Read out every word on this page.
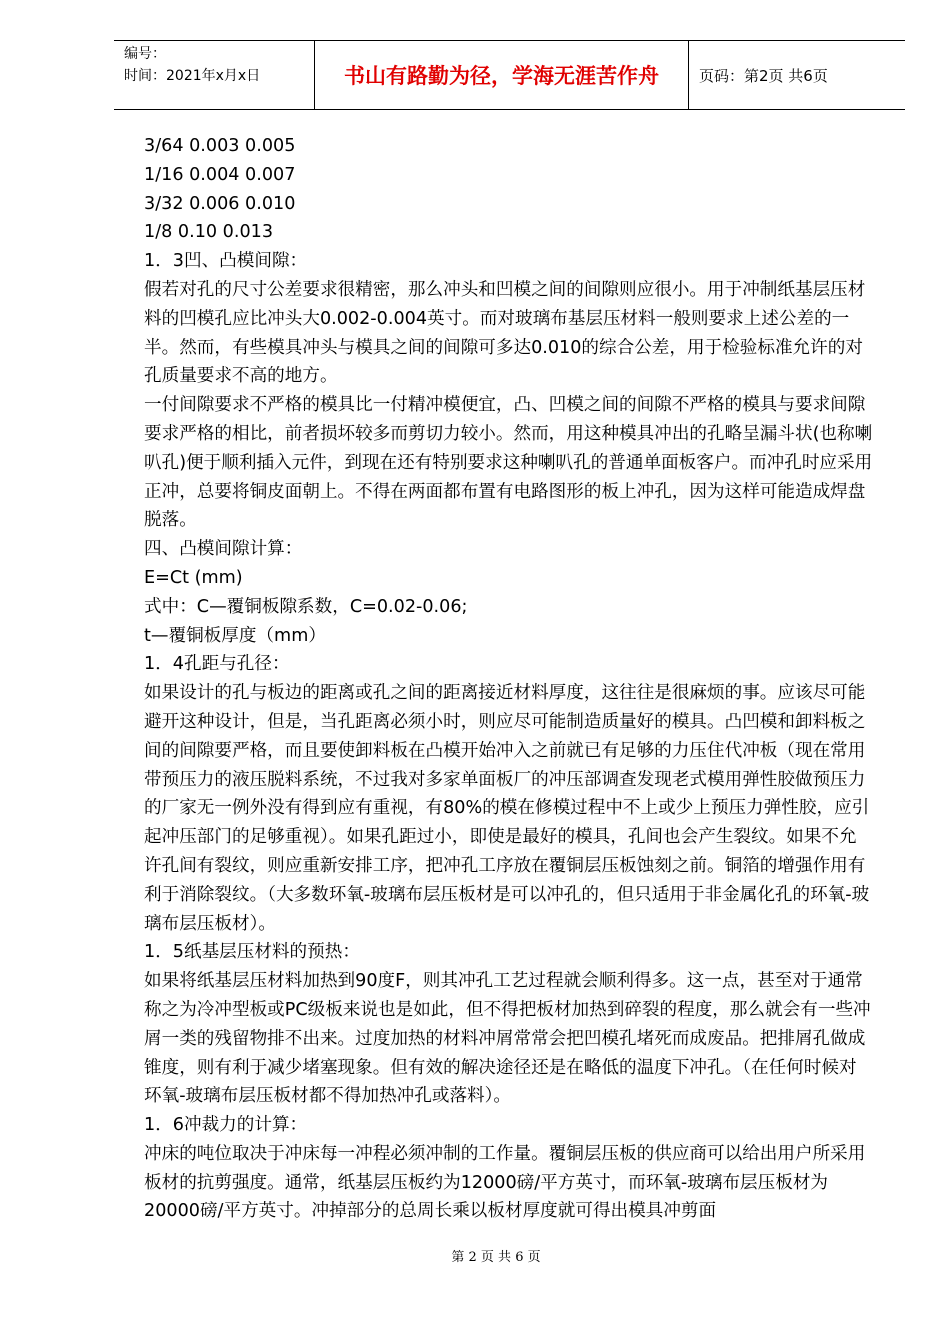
编号：
时间：2021年x月x日	书山有路勤为径，学海无涯苦作舟	页码：第2页 共6页

3/64 0.003 0.005

1/16 0.004 0.007

3/32 0.006 0.010

1/8 0.10 0.013

1．3凹、凸模间隙：

假若对孔的尺寸公差要求很精密，那么冲头和凹模之间的间隙则应很小。用于冲制纸基层压材料的凹模孔应比冲头大0.002-0.004英寸。而对玻璃布基层压材料一般则要求上述公差的一半。然而，有些模具冲头与模具之间的间隙可多达0.010的综合公差，用于检验标准允许的对孔质量要求不高的地方。

一付间隙要求不严格的模具比一付精冲模便宜，凸、凹模之间的间隙不严格的模具与要求间隙要求严格的相比，前者损坏较多而剪切力较小。然而，用这种模具冲出的孔略呈漏斗状(也称喇叭孔)便于顺利插入元件，到现在还有特别要求这种喇叭孔的普通单面板客户。而冲孔时应采用正冲，总要将铜皮面朝上。不得在两面都布置有电路图形的板上冲孔，因为这样可能造成焊盘脱落。

四、凸模间隙计算：

E=Ct (mm)

式中：C—覆铜板隙系数，C=0.02-0.06;

t—覆铜板厚度（mm）

1．4孔距与孔径：

如果设计的孔与板边的距离或孔之间的距离接近材料厚度，这往往是很麻烦的事。应该尽可能避开这种设计，但是，当孔距离必须小时，则应尽可能制造质量好的模具。凸凹模和卸料板之间的间隙要严格，而且要使卸料板在凸模开始冲入之前就已有足够的力压住代冲板（现在常用带预压力的液压脱料系统，不过我对多家单面板厂的冲压部调查发现老式模用弹性胶做预压力的厂家无一例外没有得到应有重视，有80%的模在修模过程中不上或少上预压力弹性胶，应引起冲压部门的足够重视）。如果孔距过小，即使是最好的模具，孔间也会产生裂纹。如果不允许孔间有裂纹，则应重新安排工序，把冲孔工序放在覆铜层压板蚀刻之前。铜箔的增强作用有利于消除裂纹。（大多数环氧-玻璃布层压板材是可以冲孔的，但只适用于非金属化孔的环氧-玻璃布层压板材）。

1．5纸基层压材料的预热：

如果将纸基层压材料加热到90度F，则其冲孔工艺过程就会顺利得多。这一点，甚至对于通常称之为冷冲型板或PC级板来说也是如此，但不得把板材加热到碎裂的程度，那么就会有一些冲屑一类的残留物排不出来。过度加热的材料冲屑常常会把凹模孔堵死而成废品。把排屑孔做成锥度，则有利于减少堵塞现象。但有效的解决途径还是在略低的温度下冲孔。（在任何时候对环氧-玻璃布层压板材都不得加热冲孔或落料）。

1．6冲裁力的计算：

冲床的吨位取决于冲床每一冲程必须冲制的工作量。覆铜层压板的供应商可以给出用户所采用板材的抗剪强度。通常，纸基层压板约为12000磅/平方英寸，而环氧-玻璃布层压板材为20000磅/平方英寸。冲掉部分的总周长乘以板材厚度就可得出模具冲剪面

第 2 页 共 6 页
